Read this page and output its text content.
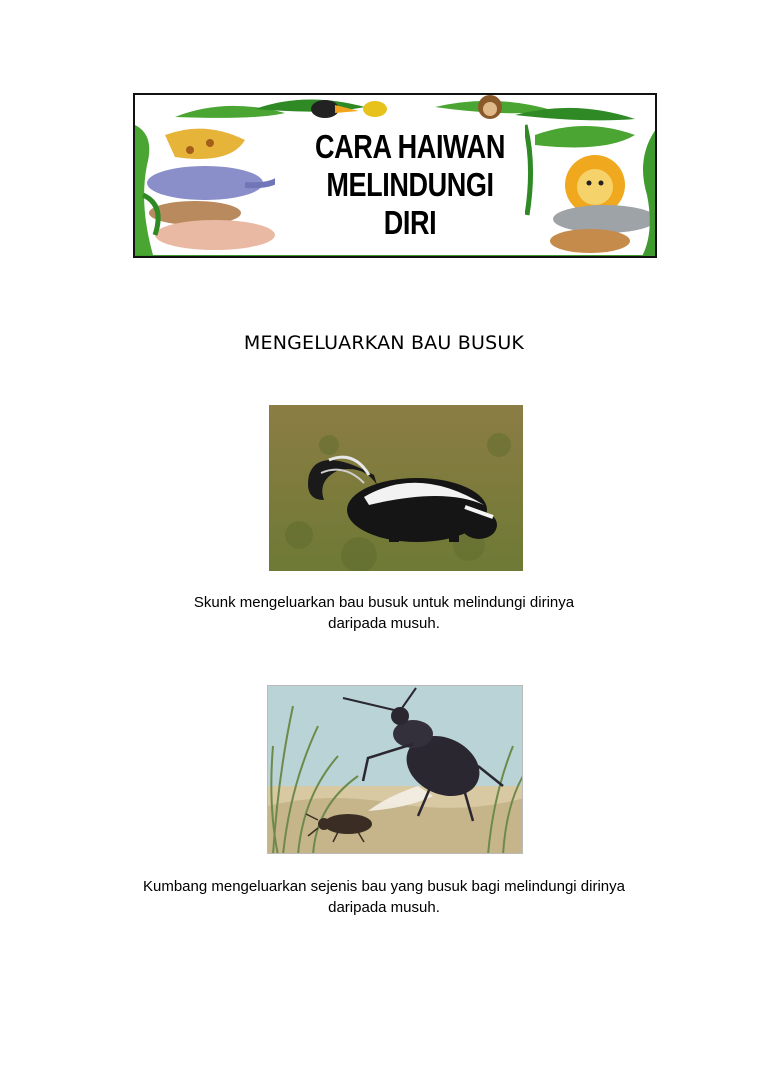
CARA HAIWAN
MELINDUNGI
DIRI
MENGELUARKAN BAU BUSUK
Skunk mengeluarkan bau busuk untuk melindungi dirinya
daripada musuh.
Kumbang mengeluarkan sejenis bau yang busuk bagi melindungi dirinya
daripada musuh.
